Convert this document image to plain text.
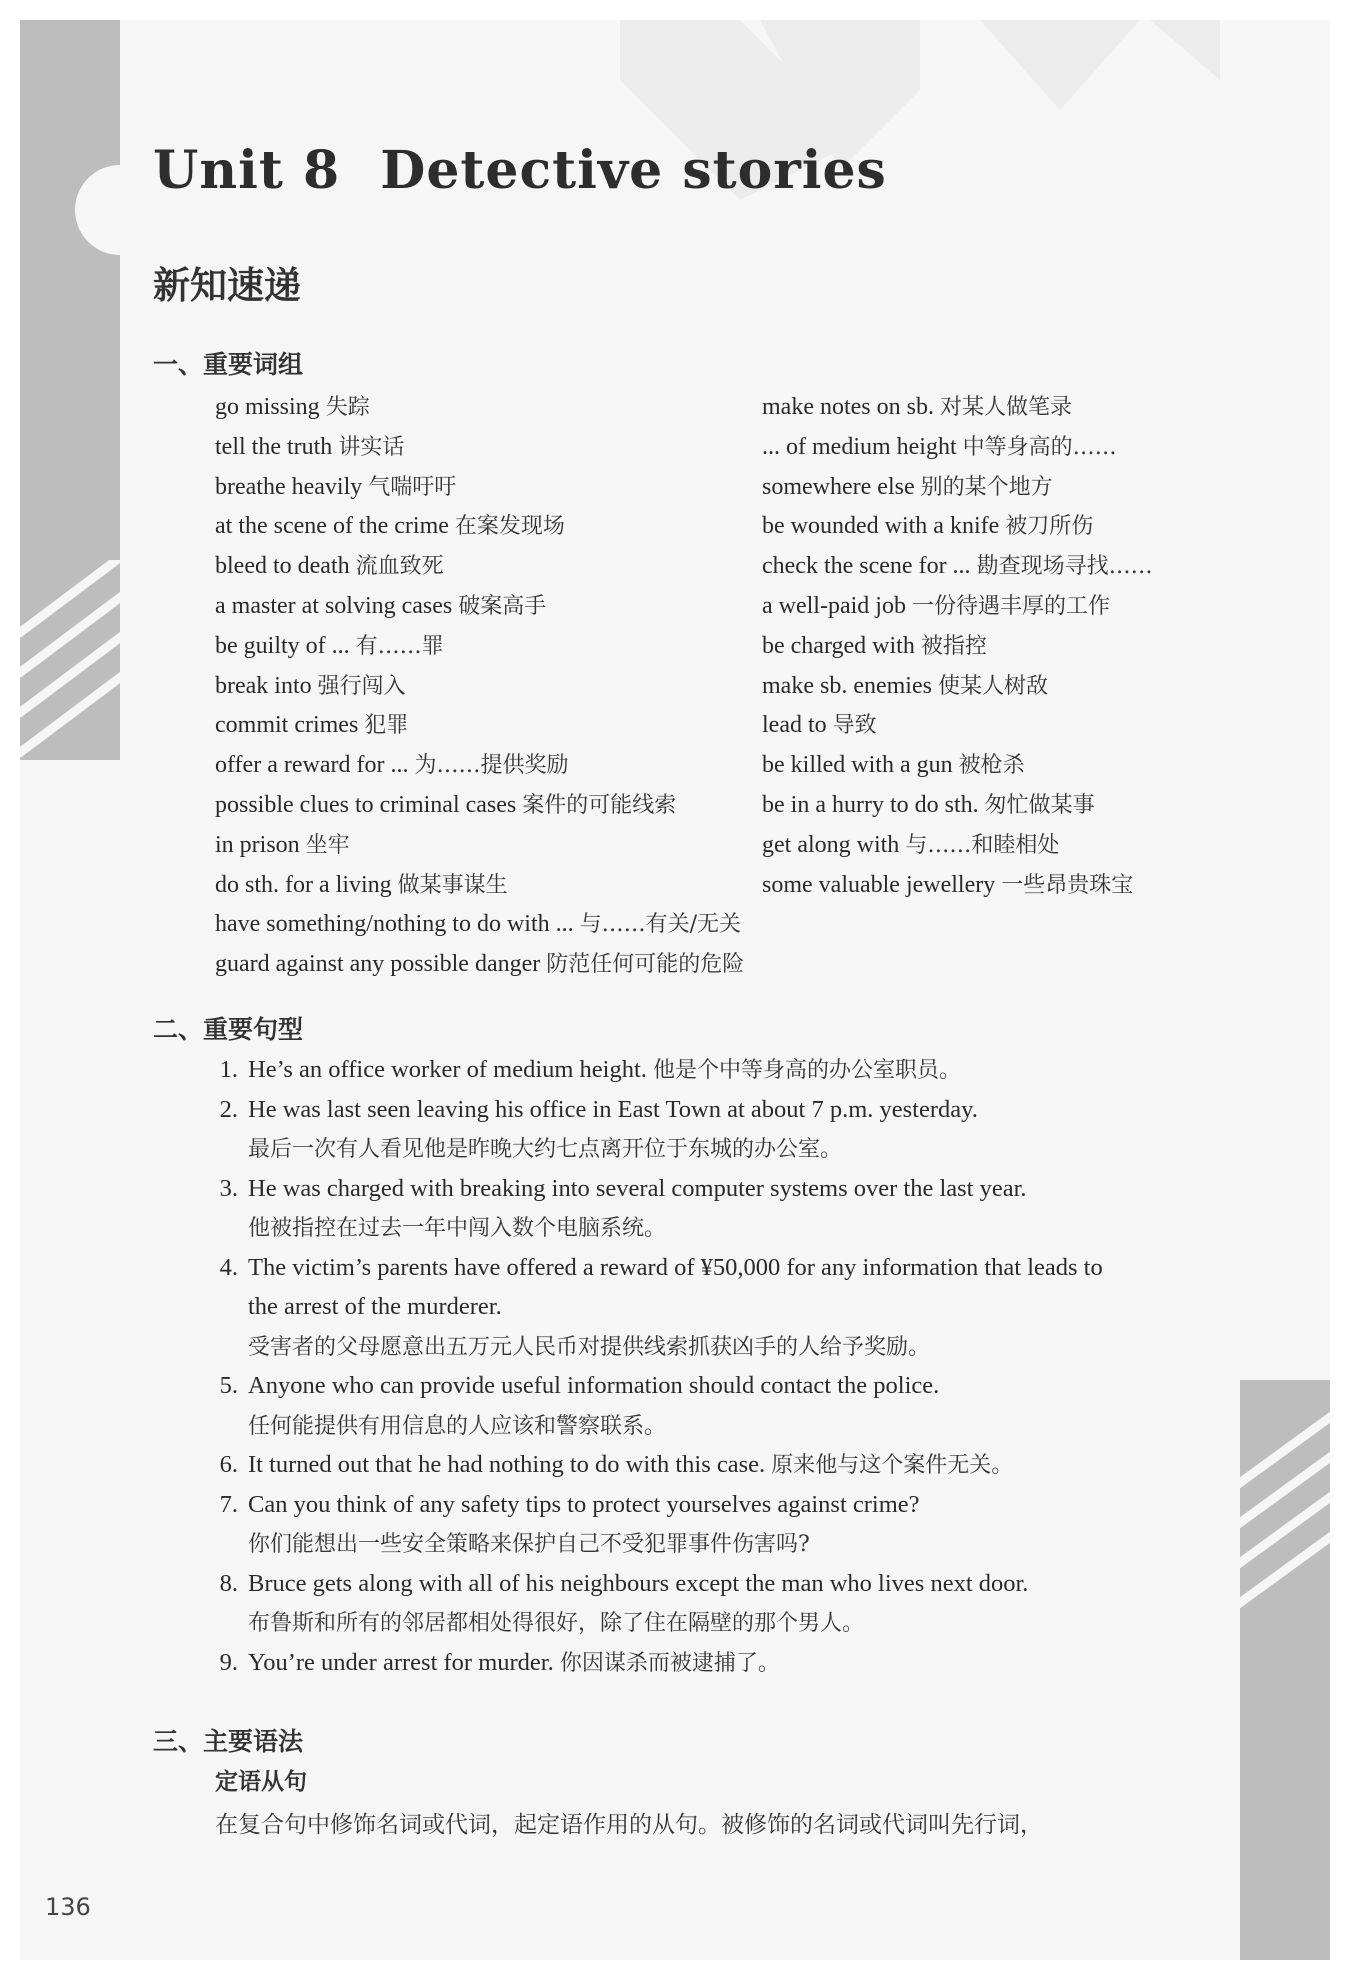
Unit 8 Detective stories
新知速递
一、重要词组
go missing 失踪
tell the truth 讲实话
breathe heavily 气喘吁吁
at the scene of the crime 在案发现场
bleed to death 流血致死
a master at solving cases 破案高手
be guilty of ... 有……罪
break into 强行闯入
commit crimes 犯罪
offer a reward for ... 为……提供奖励
possible clues to criminal cases 案件的可能线索
in prison 坐牢
do sth. for a living 做某事谋生
have something/nothing to do with ... 与……有关/无关
guard against any possible danger 防范任何可能的危险
make notes on sb. 对某人做笔录
... of medium height 中等身高的……
somewhere else 别的某个地方
be wounded with a knife 被刀所伤
check the scene for ... 勘查现场寻找……
a well-paid job 一份待遇丰厚的工作
be charged with 被指控
make sb. enemies 使某人树敌
lead to 导致
be killed with a gun 被枪杀
be in a hurry to do sth. 匆忙做某事
get along with 与……和睦相处
some valuable jewellery 一些昂贵珠宝
二、重要句型
1. He’s an office worker of medium height. 他是个中等身高的办公室职员。
2. He was last seen leaving his office in East Town at about 7 p.m. yesterday.
最后一次有人看见他是昨晚大约七点离开位于东城的办公室。
3. He was charged with breaking into several computer systems over the last year.
他被指控在过去一年中闯入数个电脑系统。
4. The victim’s parents have offered a reward of ¥50,000 for any information that leads to
the arrest of the murderer.
受害者的父母愿意出五万元人民币对提供线索抓获凶手的人给予奖励。
5. Anyone who can provide useful information should contact the police.
任何能提供有用信息的人应该和警察联系。
6. It turned out that he had nothing to do with this case. 原来他与这个案件无关。
7. Can you think of any safety tips to protect yourselves against crime?
你们能想出一些安全策略来保护自己不受犯罪事件伤害吗?
8. Bruce gets along with all of his neighbours except the man who lives next door.
布鲁斯和所有的邻居都相处得很好，除了住在隔壁的那个男人。
9. You’re under arrest for murder. 你因谋杀而被逮捕了。
三、主要语法
定语从句
在复合句中修饰名词或代词，起定语作用的从句。被修饰的名词或代词叫先行词，
136
